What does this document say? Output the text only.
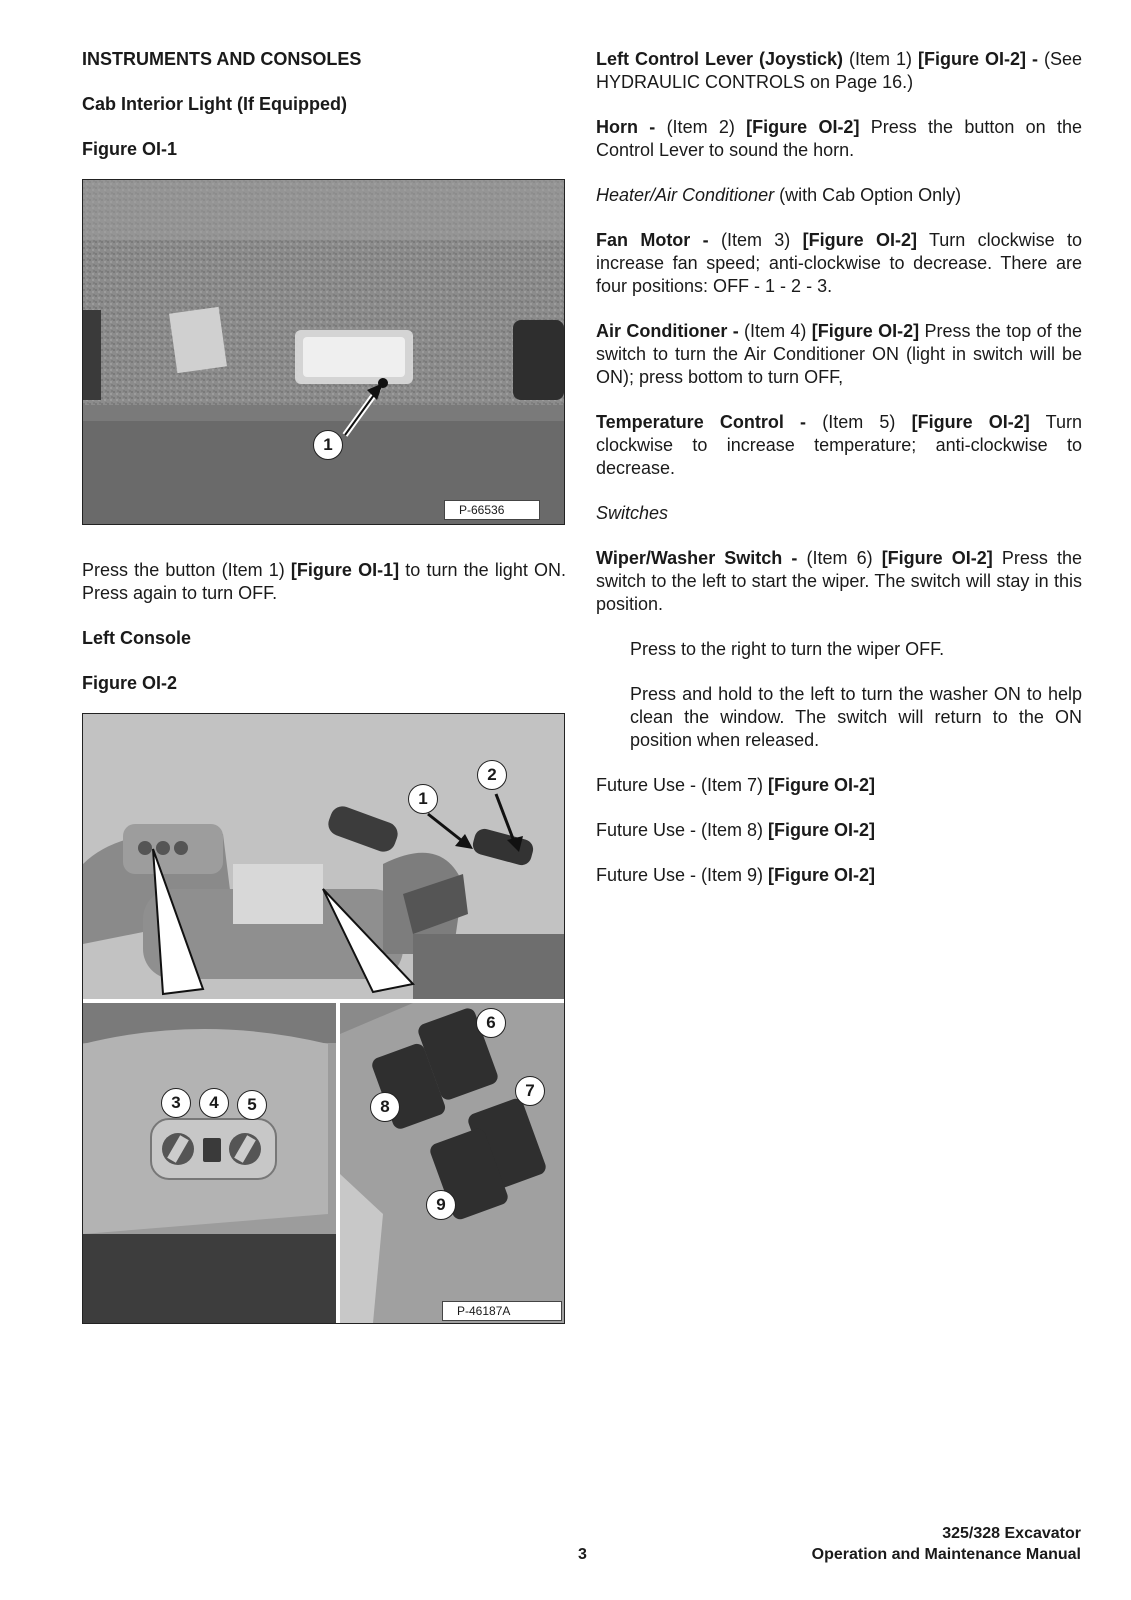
INSTRUMENTS AND CONSOLES
Cab Interior Light (If Equipped)
Figure OI-1
1
P-66536

Press the button (Item 1) [Figure OI-1] to turn the light ON. Press again to turn OFF.

Left Console
Figure OI-2
1
2
3	4	5
6
7
8
9
P-46187A

Left Control Lever (Joystick) (Item 1) [Figure OI-2] - (See HYDRAULIC CONTROLS on Page 16.)

Horn - (Item 2) [Figure OI-2] Press the button on the Control Lever to sound the horn.

Heater/Air Conditioner (with Cab Option Only)

Fan Motor - (Item 3) [Figure OI-2] Turn clockwise to increase fan speed; anti-clockwise to decrease. There are four positions: OFF - 1 - 2 - 3.

Air Conditioner - (Item 4) [Figure OI-2] Press the top of the switch to turn the Air Conditioner ON (light in switch will be ON); press bottom to turn OFF,

Temperature Control - (Item 5) [Figure OI-2] Turn clockwise to increase temperature; anti-clockwise to decrease.

Switches

Wiper/Washer Switch - (Item 6) [Figure OI-2] Press the switch to the left to start the wiper. The switch will stay in this position.

Press to the right to turn the wiper OFF.

Press and hold to the left to turn the washer ON to help clean the window. The switch will return to the ON position when released.

Future Use - (Item 7) [Figure OI-2]

Future Use - (Item 8) [Figure OI-2]

Future Use - (Item 9) [Figure OI-2]

3
325/328 Excavator
Operation and Maintenance Manual
